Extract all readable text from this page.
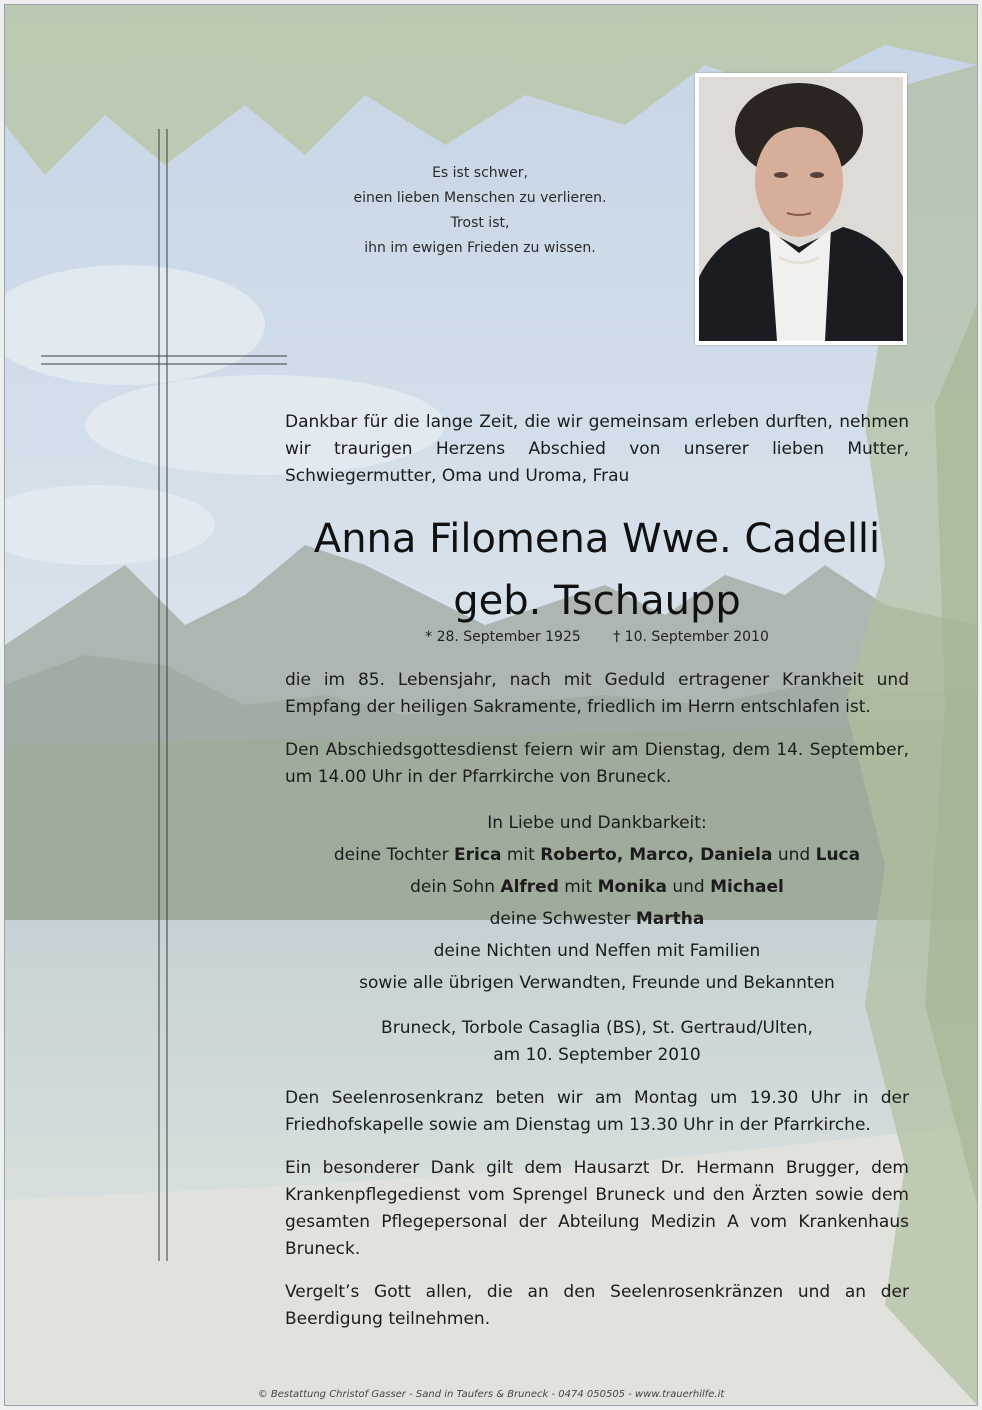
Es ist schwer,
einen lieben Menschen zu verlieren.
Trost ist,
ihn im ewigen Frieden zu wissen.
Dankbar für die lange Zeit, die wir gemeinsam erleben durften, nehmen wir traurigen Herzens Abschied von unserer lieben Mutter, Schwiegermutter, Oma und Uroma, Frau
Anna Filomena Wwe. Cadelli
geb. Tschaupp
* 28. September 1925 † 10. September 2010
die im 85. Lebensjahr, nach mit Geduld ertragener Krankheit und Empfang der heiligen Sakramente, friedlich im Herrn entschlafen ist.
Den Abschiedsgottesdienst feiern wir am Dienstag, dem 14. September, um 14.00 Uhr in der Pfarrkirche von Bruneck.
In Liebe und Dankbarkeit:
deine Tochter Erica mit Roberto, Marco, Daniela und Luca
dein Sohn Alfred mit Monika und Michael
deine Schwester Martha
deine Nichten und Neffen mit Familien
sowie alle übrigen Verwandten, Freunde und Bekannten
Bruneck, Torbole Casaglia (BS), St. Gertraud/Ulten,
am 10. September 2010
Den Seelenrosenkranz beten wir am Montag um 19.30 Uhr in der Friedhofskapelle sowie am Dienstag um 13.30 Uhr in der Pfarrkirche.
Ein besonderer Dank gilt dem Hausarzt Dr. Hermann Brugger, dem Krankenpflegedienst vom Sprengel Bruneck und den Ärzten sowie dem gesamten Pflegepersonal der Abteilung Medizin A vom Krankenhaus Bruneck.
Vergelt’s Gott allen, die an den Seelenrosenkränzen und an der Beerdigung teilnehmen.
© Bestattung Christof Gasser - Sand in Taufers & Bruneck - 0474 050505 - www.trauerhilfe.it
